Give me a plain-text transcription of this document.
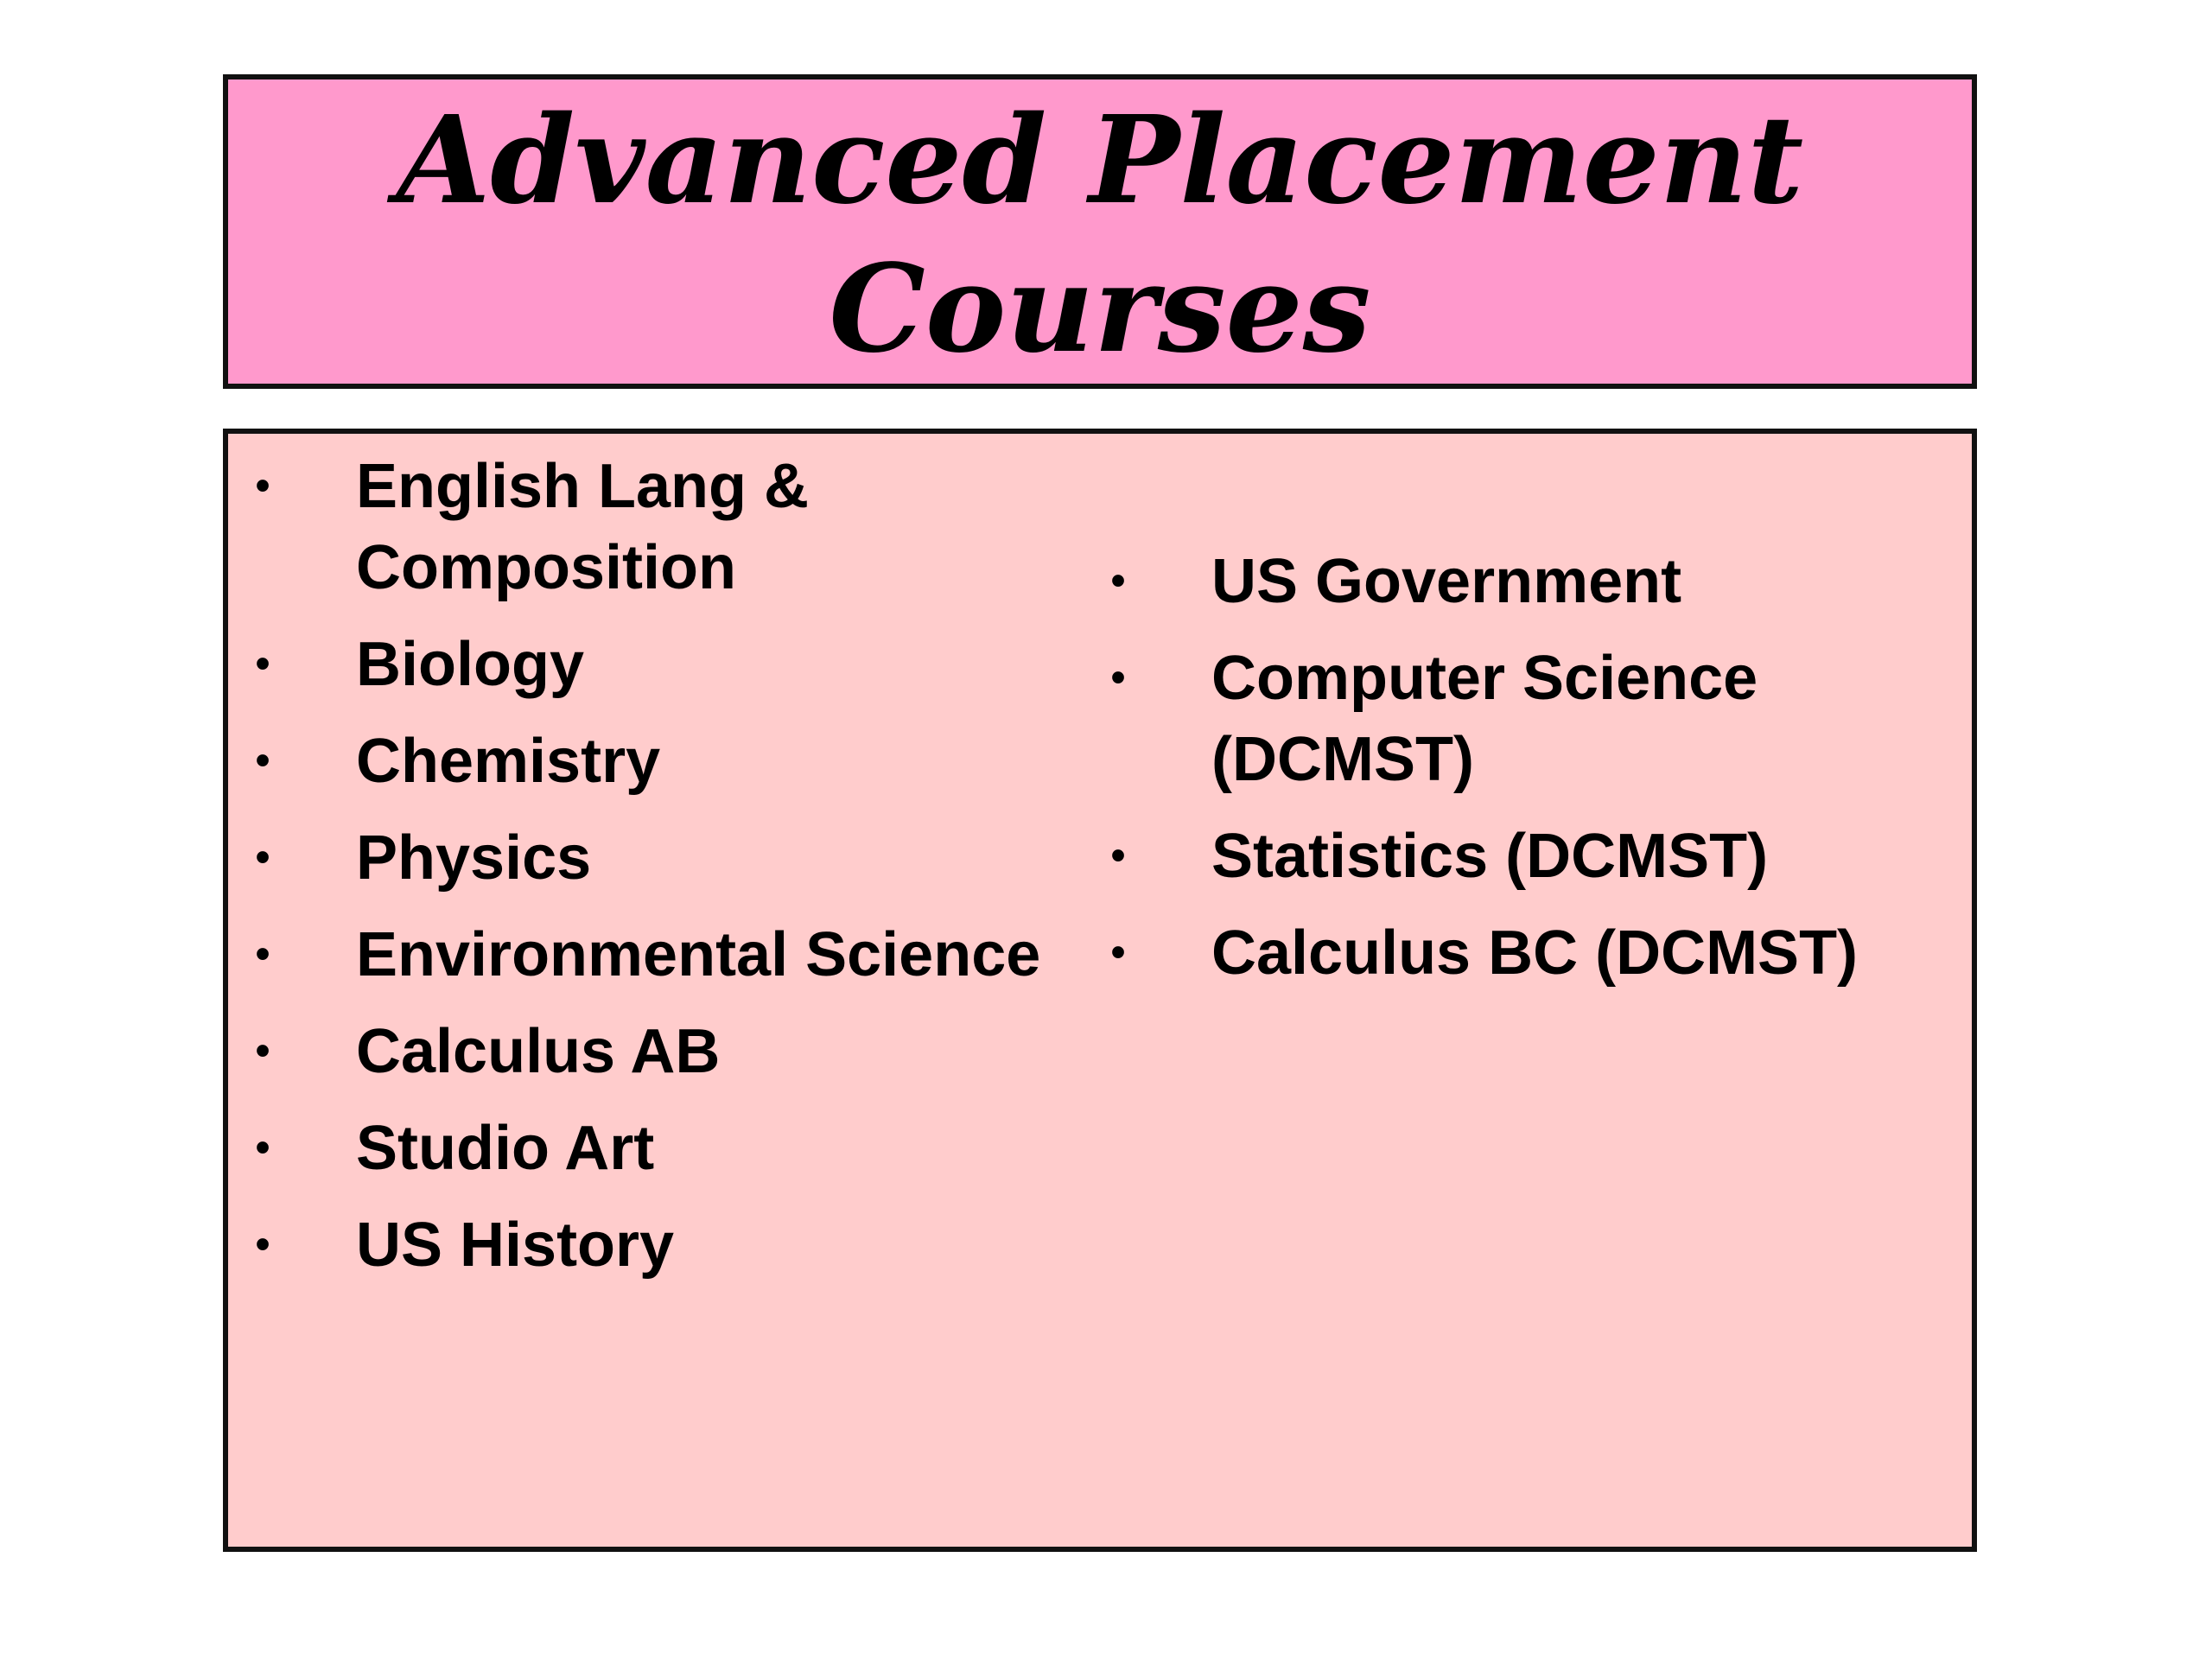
Advanced Placement Courses
• English Lang & Composition
• Biology
• Chemistry
• Physics
• Environmental Science
• Calculus AB
• Studio Art
• US History
• US Government
• Computer Science (DCMST)
• Statistics (DCMST)
• Calculus BC (DCMST)
